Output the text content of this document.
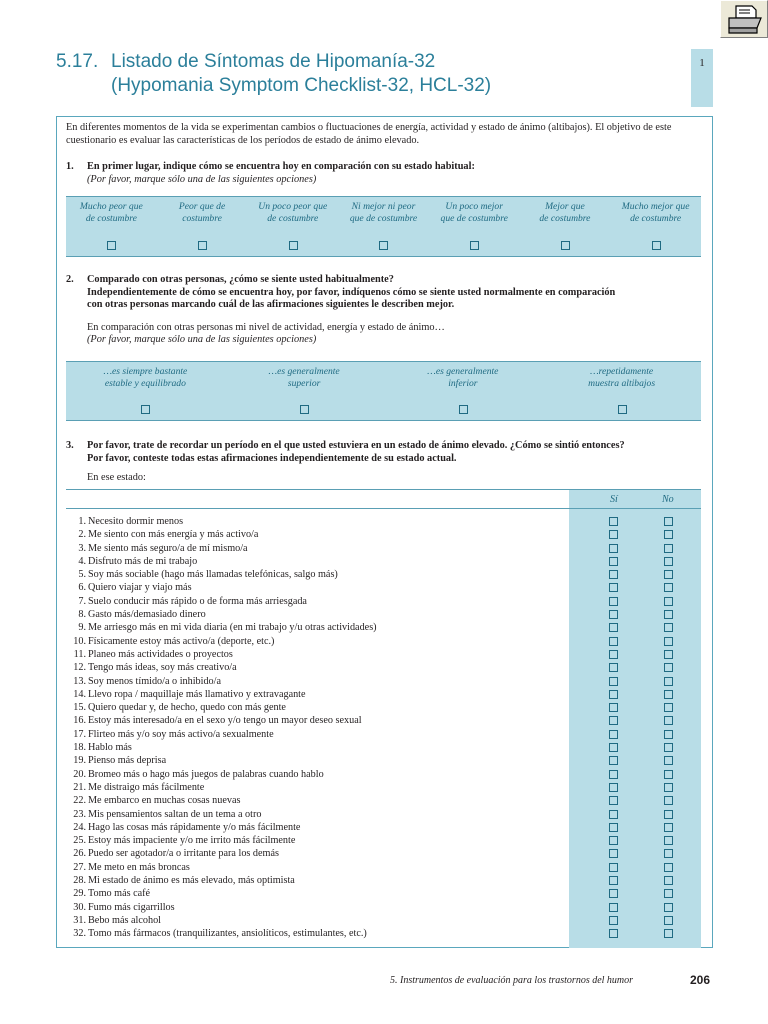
5.17. Listado de Síntomas de Hipomanía-32
(Hypomania Symptom Checklist-32, HCL-32)
1
En diferentes momentos de la vida se experimentan cambios o fluctuaciones de energía, actividad y estado de ánimo (altibajos). El objetivo de este cuestionario es evaluar las características de los períodos de estado de ánimo elevado.
1. En primer lugar, indique cómo se encuentra hoy en comparación con su estado habitual:
(Por favor, marque sólo una de las siguientes opciones)
Mucho peor que
de costumbre
Peor que de
costumbre
Un poco peor que
de costumbre
Ni mejor ni peor
que de costumbre
Un poco mejor
que de costumbre
Mejor que
de costumbre
Mucho mejor que
de costumbre
2. Comparado con otras personas, ¿cómo se siente usted habitualmente?
Independientemente de cómo se encuentra hoy, por favor, indíquenos cómo se siente usted normalmente en comparación
con otras personas marcando cuál de las afirmaciones siguientes le describen mejor.
En comparación con otras personas mi nivel de actividad, energía y estado de ánimo…
(Por favor, marque sólo una de las siguientes opciones)
…es siempre bastante
estable y equilibrado
…es generalmente
superior
…es generalmente
inferior
…repetidamente
muestra altibajos
3. Por favor, trate de recordar un período en el que usted estuviera en un estado de ánimo elevado. ¿Cómo se sintió entonces?
Por favor, conteste todas estas afirmaciones independientemente de su estado actual.
En ese estado:
Sí	No
1. Necesito dormir menos
2. Me siento con más energía y más activo/a
3. Me siento más seguro/a de mí mismo/a
4. Disfruto más de mi trabajo
5. Soy más sociable (hago más llamadas telefónicas, salgo más)
6. Quiero viajar y viajo más
7. Suelo conducir más rápido o de forma más arriesgada
8. Gasto más/demasiado dinero
9. Me arriesgo más en mi vida diaria (en mi trabajo y/u otras actividades)
10. Físicamente estoy más activo/a (deporte, etc.)
11. Planeo más actividades o proyectos
12. Tengo más ideas, soy más creativo/a
13. Soy menos tímido/a o inhibido/a
14. Llevo ropa / maquillaje más llamativo y extravagante
15. Quiero quedar y, de hecho, quedo con más gente
16. Estoy más interesado/a en el sexo y/o tengo un mayor deseo sexual
17. Flirteo más y/o soy más activo/a sexualmente
18. Hablo más
19. Pienso más deprisa
20. Bromeo más o hago más juegos de palabras cuando hablo
21. Me distraigo más fácilmente
22. Me embarco en muchas cosas nuevas
23. Mis pensamientos saltan de un tema a otro
24. Hago las cosas más rápidamente y/o más fácilmente
25. Estoy más impaciente y/o me irrito más fácilmente
26. Puedo ser agotador/a o irritante para los demás
27. Me meto en más broncas
28. Mi estado de ánimo es más elevado, más optimista
29. Tomo más café
30. Fumo más cigarrillos
31. Bebo más alcohol
32. Tomo más fármacos (tranquilizantes, ansiolíticos, estimulantes, etc.)
5. Instrumentos de evaluación para los trastornos del humor	206
